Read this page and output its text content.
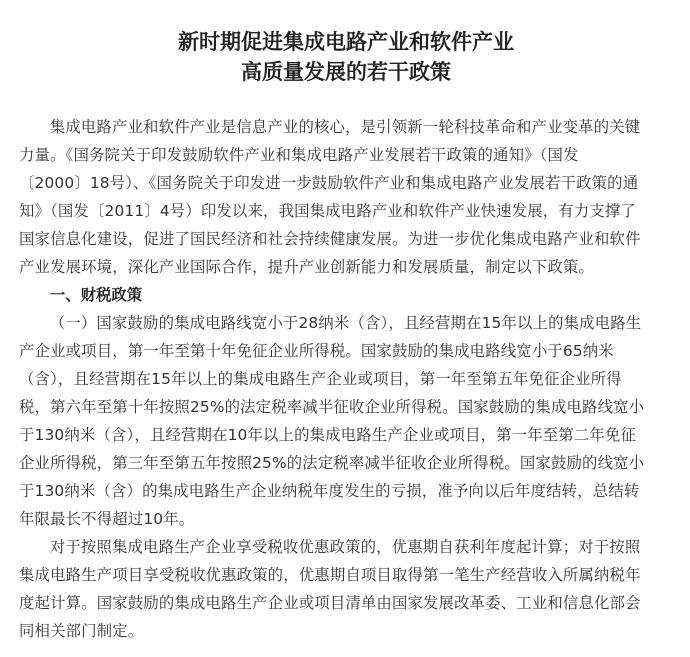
新时期促进集成电路产业和软件产业
高质量发展的若干政策

集成电路产业和软件产业是信息产业的核心，是引领新一轮科技革命和产业变革的关键
力量。《国务院关于印发鼓励软件产业和集成电路产业发展若干政策的通知》（国发
〔2000〕18号）、《国务院关于印发进一步鼓励软件产业和集成电路产业发展若干政策的通
知》（国发〔2011〕4号）印发以来，我国集成电路产业和软件产业快速发展，有力支撑了
国家信息化建设，促进了国民经济和社会持续健康发展。为进一步优化集成电路产业和软件
产业发展环境，深化产业国际合作，提升产业创新能力和发展质量，制定以下政策。

一、财税政策

（一）国家鼓励的集成电路线宽小于28纳米（含），且经营期在15年以上的集成电路生
产企业或项目，第一年至第十年免征企业所得税。国家鼓励的集成电路线宽小于65纳米
（含），且经营期在15年以上的集成电路生产企业或项目，第一年至第五年免征企业所得
税，第六年至第十年按照25%的法定税率减半征收企业所得税。国家鼓励的集成电路线宽小
于130纳米（含），且经营期在10年以上的集成电路生产企业或项目，第一年至第二年免征
企业所得税，第三年至第五年按照25%的法定税率减半征收企业所得税。国家鼓励的线宽小
于130纳米（含）的集成电路生产企业纳税年度发生的亏损，准予向以后年度结转，总结转
年限最长不得超过10年。

对于按照集成电路生产企业享受税收优惠政策的，优惠期自获利年度起计算；对于按照
集成电路生产项目享受税收优惠政策的，优惠期自项目取得第一笔生产经营收入所属纳税年
度起计算。国家鼓励的集成电路生产企业或项目清单由国家发展改革委、工业和信息化部会
同相关部门制定。
